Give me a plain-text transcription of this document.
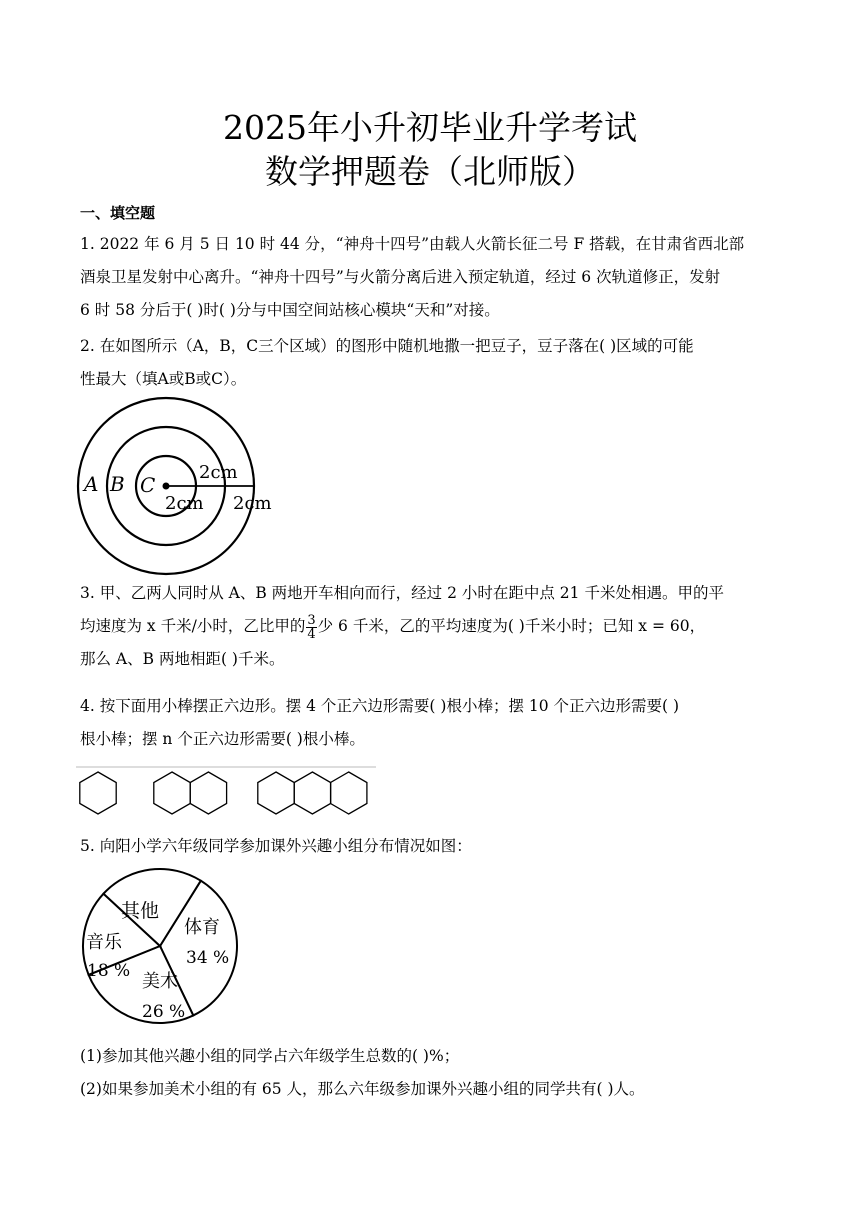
2025年小升初毕业升学考试
数学押题卷（北师版）
一、填空题
1. 2022 年 6 月 5 日 10 时 44 分，“神舟十四号”由载人火箭长征二号 F 搭载，在甘肃省西北部
酒泉卫星发射中心离升。“神舟十四号”与火箭分离后进入预定轨道，经过 6 次轨道修正，发射
6 时 58 分后于( )时( )分与中国空间站核心模块“天和”对接。
2. 在如图所示（A，B，C三个区域）的图形中随机地撒一把豆子，豆子落在( )区域的可能
性最大（填A或B或C）。
A B C
2cm
2cm 2cm
3. 甲、乙两人同时从 A、B 两地开车相向而行，经过 2 小时在距中点 21 千米处相遇。甲的平
均速度为 x 千米/小时，乙比甲的 $\frac{3}{4}$ 少 6 千米，乙的平均速度为( )千米小时；已知 x = 60，
那么 A、B 两地相距( )千米。
4. 按下面用小棒摆正六边形。摆 4 个正六边形需要( )根小棒；摆 10 个正六边形需要( )
根小棒；摆 n 个正六边形需要( )根小棒。
5. 向阳小学六年级同学参加课外兴趣小组分布情况如图：
其他
体育
34 %
音乐
18 % 美术
26 %
(1)参加其他兴趣小组的同学占六年级学生总数的( )%；
(2)如果参加美术小组的有 65 人，那么六年级参加课外兴趣小组的同学共有( )人。
